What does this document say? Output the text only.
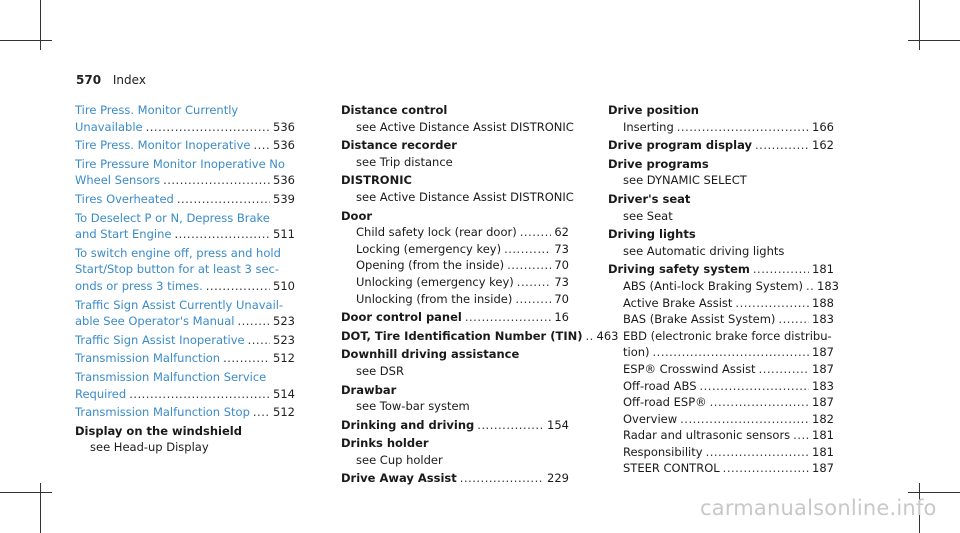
570 Index
Tire Press. Monitor Currently
Unavailable .....	536
Tire Press. Monitor Inoperative ..... 536
Tire Pressure Monitor Inoperative No
Wheel Sensors .....	536
Tires Overheated .....	539
To Deselect P or N, Depress Brake
and Start Engine .....	511
To switch engine off, press and hold
Start/Stop button for at least 3 sec-
onds or press 3 times. .....	510
Traffic Sign Assist Currently Unavail-
able See Operator's Manual .....	523
Traffic Sign Assist Inoperative ..... 523
Transmission Malfunction .....	512
Transmission Malfunction Service
Required .....	514
Transmission Malfunction Stop ..... 512
Display on the windshield
see Head-up Display
Distance control
see Active Distance Assist DISTRONIC
Distance recorder
see Trip distance
DISTRONIC
see Active Distance Assist DISTRONIC
Door
Child safety lock (rear door) .....	62
Locking (emergency key) .....	73
Opening (from the inside) .....	70
Unlocking (emergency key) .....	73
Unlocking (from the inside) .....	70
Door control panel .....	16
DOT, Tire Identification Number (TIN) ..... 463
Downhill driving assistance
see DSR
Drawbar
see Tow-bar system
Drinking and driving .....	154
Drinks holder
see Cup holder
Drive Away Assist .....	229
Drive position
Inserting .....	166
Drive program display .....	162
Drive programs
see DYNAMIC SELECT
Driver's seat
see Seat
Driving lights
see Automatic driving lights
Driving safety system .....	181
ABS (Anti-lock Braking System) ..... 183
Active Brake Assist .....	188
BAS (Brake Assist System) .....	183
EBD (electronic brake force distribu-
tion) .....	187
ESP® Crosswind Assist .....	187
Off-road ABS .....	183
Off-road ESP® .....	187
Overview .....	182
Radar and ultrasonic sensors ..... 181
Responsibility .....	181
STEER CONTROL .....	187
carmanualsonline.info
